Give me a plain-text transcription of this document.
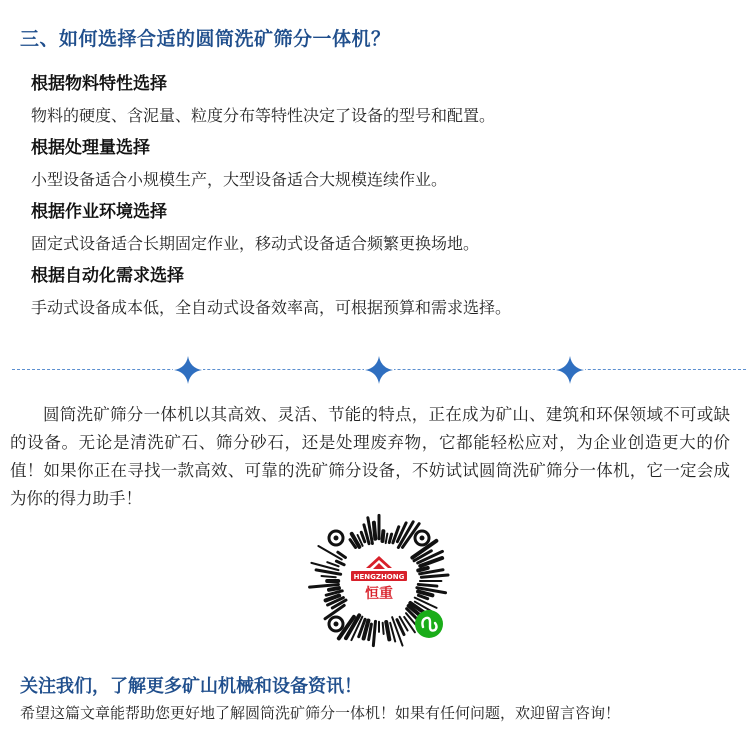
三、如何选择合适的圆筒洗矿筛分一体机？
根据物料特性选择
物料的硬度、含泥量、粒度分布等特性决定了设备的型号和配置。
根据处理量选择
小型设备适合小规模生产，大型设备适合大规模连续作业。
根据作业环境选择
固定式设备适合长期固定作业，移动式设备适合频繁更换场地。
根据自动化需求选择
手动式设备成本低，全自动式设备效率高，可根据预算和需求选择。
圆筒洗矿筛分一体机以其高效、灵活、节能的特点，正在成为矿山、建筑和环保领域不可或缺的设备。无论是清洗矿石、筛分砂石，还是处理废弃物，它都能轻松应对，为企业创造更大的价值！如果你正在寻找一款高效、可靠的洗矿筛分设备，不妨试试圆筒洗矿筛分一体机，它一定会成为你的得力助手！
HENGZHONG
恒重
关注我们，了解更多矿山机械和设备资讯！
希望这篇文章能帮助您更好地了解圆筒洗矿筛分一体机！如果有任何问题，欢迎留言咨询！
